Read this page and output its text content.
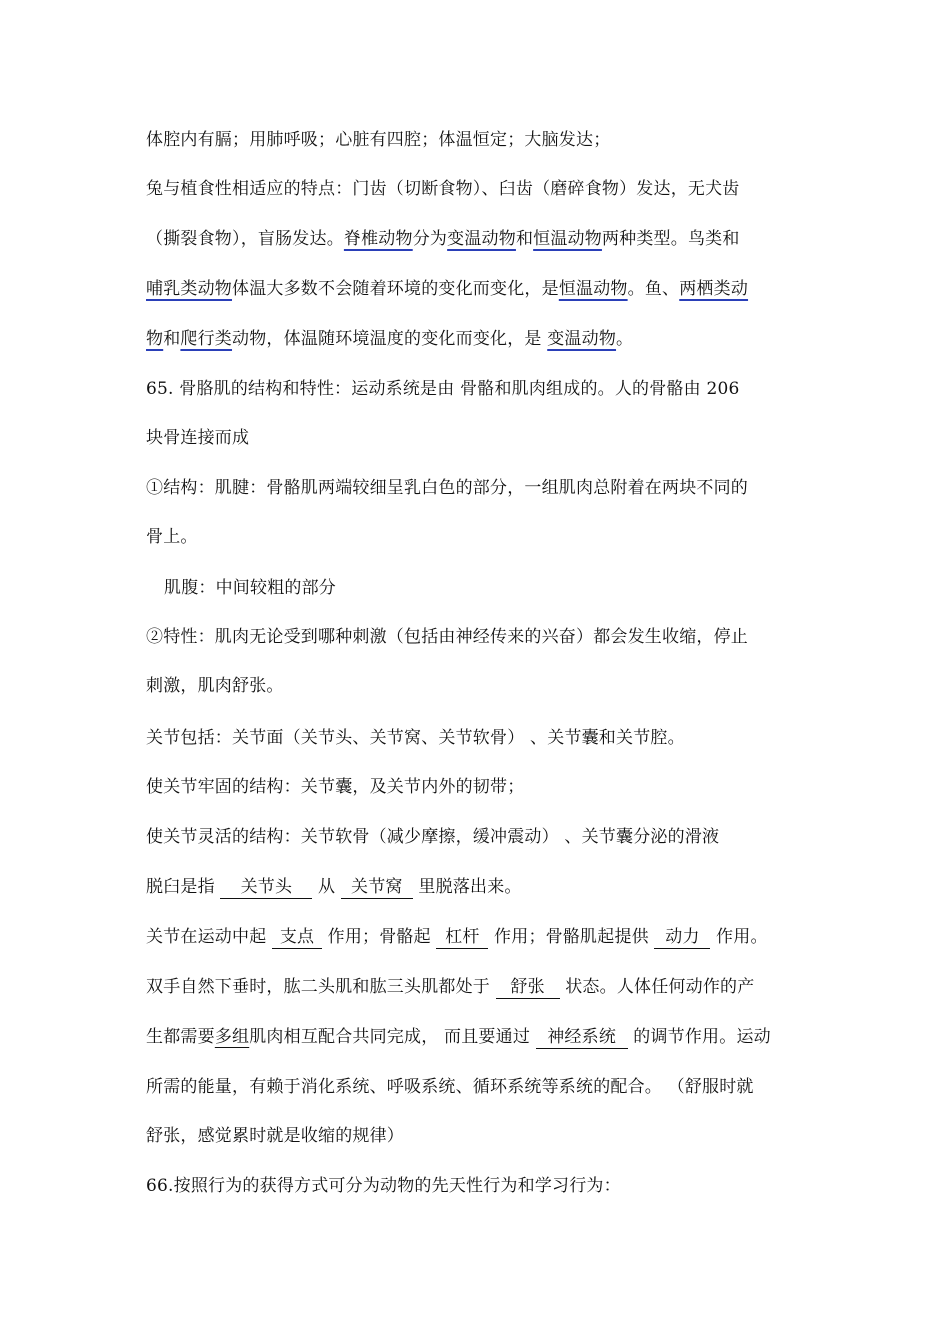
体腔内有膈；用肺呼吸；心脏有四腔；体温恒定；大脑发达；
兔与植食性相适应的特点：门齿（切断食物）、臼齿（磨碎食物）发达，无犬齿
（撕裂食物），盲肠发达。脊椎动物分为变温动物和恒温动物两种类型。鸟类和
哺乳类动物体温大多数不会随着环境的变化而变化，是恒温动物。鱼、两栖类动
物和爬行类动物，体温随环境温度的变化而变化，是 变温动物。
65. 骨胳肌的结构和特性：运动系统是由 骨骼和肌肉组成的。人的骨骼由 206
块骨连接而成
①结构：肌腱：骨骼肌两端较细呈乳白色的部分，一组肌肉总附着在两块不同的
骨上。
肌腹：中间较粗的部分
②特性：肌肉无论受到哪种刺激（包括由神经传来的兴奋）都会发生收缩，停止
刺激，肌肉舒张。
关节包括：关节面（关节头、关节窝、关节软骨） 、关节囊和关节腔。
使关节牢固的结构：关节囊，及关节内外的韧带；
使关节灵活的结构：关节软骨（减少摩擦，缓冲震动） 、关节囊分泌的滑液
脱臼是指 关节头 从 关节窝 里脱落出来。
关节在运动中起 支点 作用；骨骼起 杠杆 作用；骨骼肌起提供 动力 作用。
双手自然下垂时，肱二头肌和肱三头肌都处于 舒张 状态。人体任何动作的产
生都需要多组肌肉相互配合共同完成， 而且要通过 神经系统 的调节作用。运动
所需的能量，有赖于消化系统、呼吸系统、循环系统等系统的配合。 （舒服时就
舒张，感觉累时就是收缩的规律）
66.按照行为的获得方式可分为动物的先天性行为和学习行为：
